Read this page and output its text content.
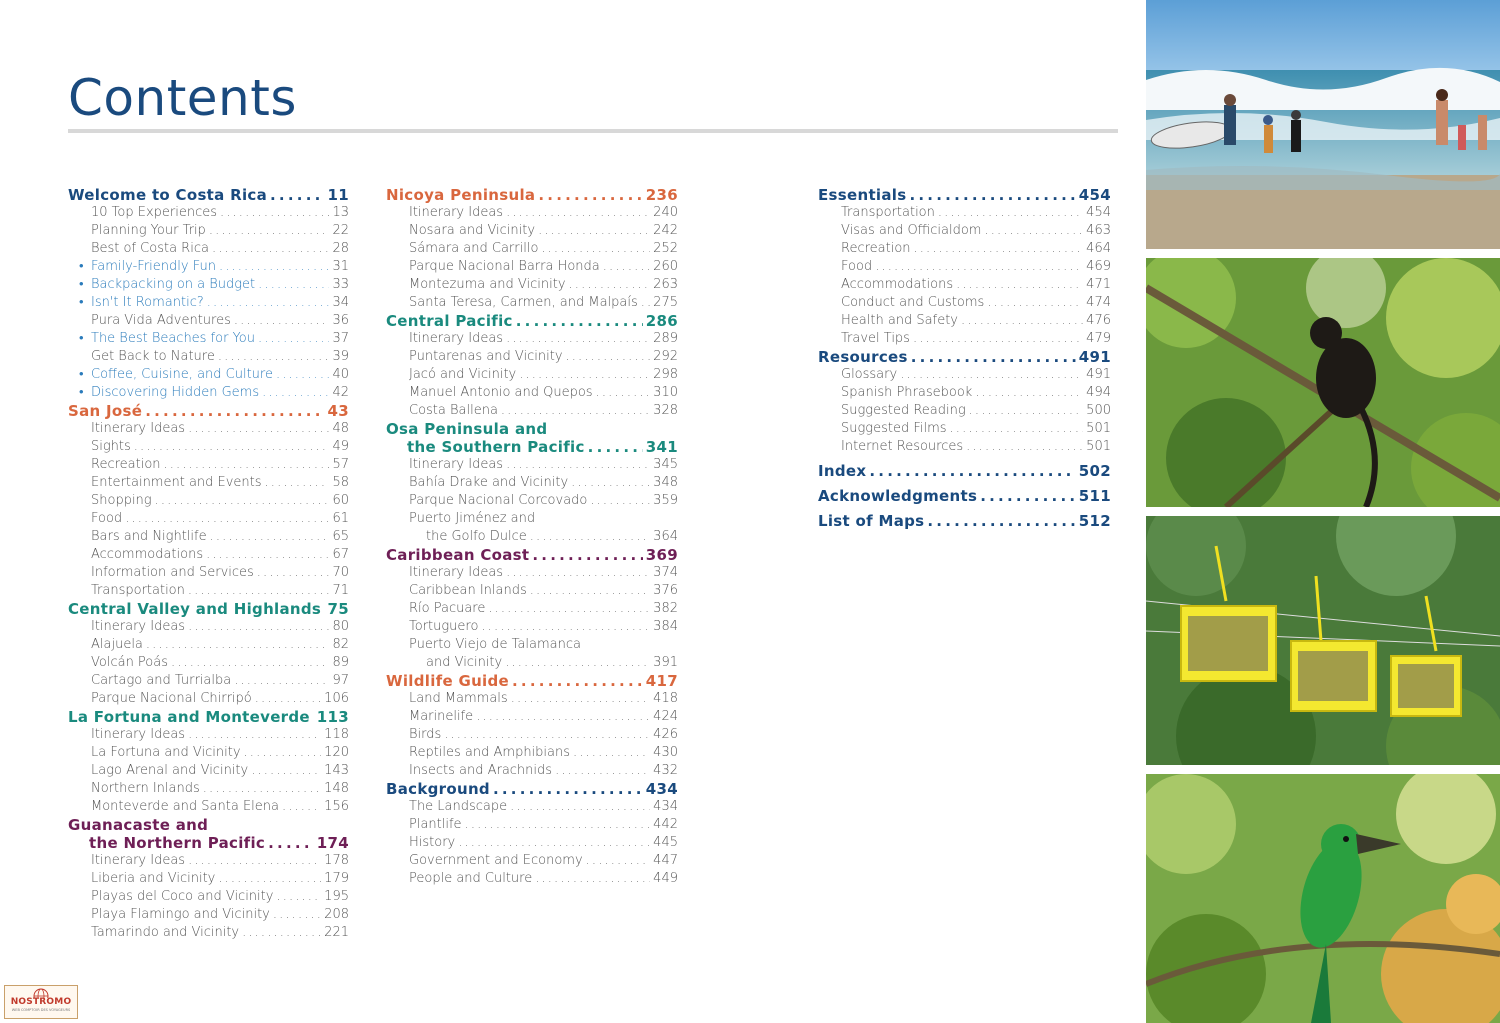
Contents
Welcome to Costa Rica . . .	11
10 Top Experiences . . .	13
Planning Your Trip . . .	22
Best of Costa Rica . . .	28
• Family-Friendly Fun . . .	31
• Backpacking on a Budget . . .	33
• Isn't It Romantic? . . .	34
Pura Vida Adventures . . .	36
• The Best Beaches for You . . .	37
Get Back to Nature . . .	39
• Coffee, Cuisine, and Culture . . .	40
• Discovering Hidden Gems . . .	42
San José . . .	43
Itinerary Ideas . . .	48
Sights . . .	49
Recreation . . .	57
Entertainment and Events . . .	58
Shopping . . .	60
Food . . .	61
Bars and Nightlife . . .	65
Accommodations . . .	67
Information and Services . . .	70
Transportation . . .	71
Central Valley and Highlands . . . 75
Itinerary Ideas . . .	80
Alajuela . . .	82
Volcán Poás . . .	89
Cartago and Turrialba . . .	97
Parque Nacional Chirripó . . .	106
La Fortuna and Monteverde . . . 113
Itinerary Ideas . . .	118
La Fortuna and Vicinity . . .	120
Lago Arenal and Vicinity . . .	143
Northern Inlands . . .	148
Monteverde and Santa Elena . . .	156
Guanacaste and
the Northern Pacific . . .	174
Itinerary Ideas . . .	178
Liberia and Vicinity . . .	179
Playas del Coco and Vicinity . . .	195
Playa Flamingo and Vicinity . . .	208
Tamarindo and Vicinity . . .	221
Nicoya Peninsula . . .	236
Itinerary Ideas . . .	240
Nosara and Vicinity . . .	242
Sámara and Carrillo . . .	252
Parque Nacional Barra Honda . . .	260
Montezuma and Vicinity . . .	263
Santa Teresa, Carmen, and Malpaís . . . 275
Central Pacific . . .	286
Itinerary Ideas . . .	289
Puntarenas and Vicinity . . .	292
Jacó and Vicinity . . .	298
Manuel Antonio and Quepos . . .	310
Costa Ballena . . .	328
Osa Peninsula and
the Southern Pacific . . .	341
Itinerary Ideas . . .	345
Bahía Drake and Vicinity . . .	348
Parque Nacional Corcovado . . .	359
Puerto Jiménez and
the Golfo Dulce . . .	364
Caribbean Coast . . .	369
Itinerary Ideas . . .	374
Caribbean Inlands . . .	376
Río Pacuare . . .	382
Tortuguero . . .	384
Puerto Viejo de Talamanca
and Vicinity . . .	391
Wildlife Guide . . .	417
Land Mammals . . .	418
Marinelife . . .	424
Birds . . .	426
Reptiles and Amphibians . . .	430
Insects and Arachnids . . .	432
Background . . .	434
The Landscape . . .	434
Plantlife . . .	442
History . . .	445
Government and Economy . . .	447
People and Culture . . .	449
Essentials . . .	454
Transportation . . .	454
Visas and Officialdom . . .	463
Recreation . . .	464
Food . . .	469
Accommodations . . .	471
Conduct and Customs . . .	474
Health and Safety . . .	476
Travel Tips . . .	479
Resources . . .	491
Glossary . . .	491
Spanish Phrasebook . . .	494
Suggested Reading . . .	500
Suggested Films . . .	501
Internet Resources . . .	501
Index . . .	502
Acknowledgments . . .	511
List of Maps . . .	512
NOSTROMO
WEB COMPTOIR DES VOYAGEURS
